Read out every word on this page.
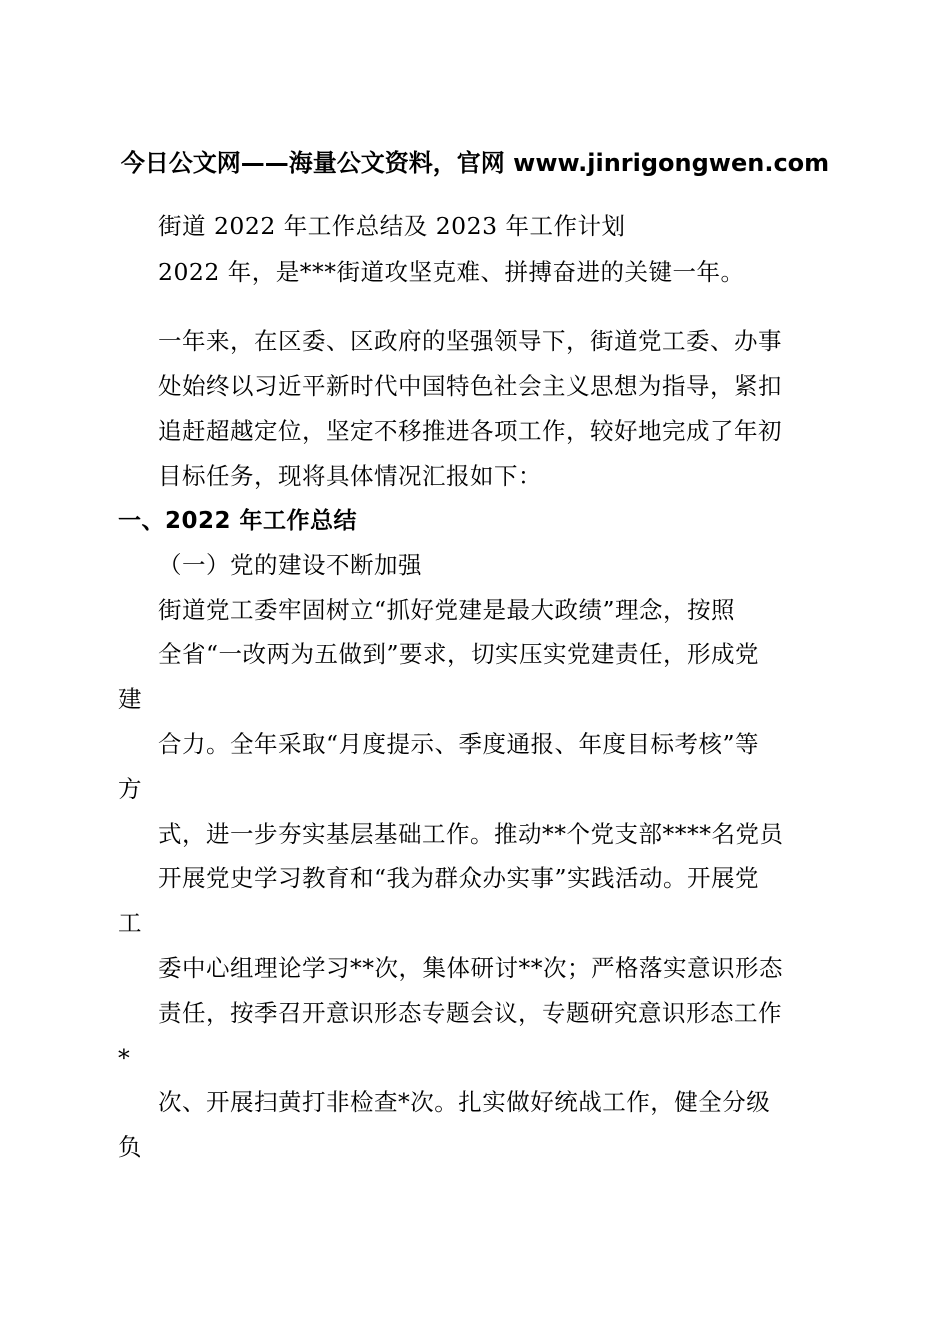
今日公文网——海量公文资料，官网 www.jinrigongwen.com
街道 2022 年工作总结及 2023 年工作计划
2022 年，是***街道攻坚克难、拼搏奋进的关键一年。
一年来，在区委、区政府的坚强领导下，街道党工委、办事
处始终以习近平新时代中国特色社会主义思想为指导，紧扣
追赶超越定位，坚定不移推进各项工作，较好地完成了年初
目标任务，现将具体情况汇报如下：
一、2022 年工作总结
（一）党的建设不断加强
街道党工委牢固树立“抓好党建是最大政绩”理念，按照
全省“一改两为五做到”要求，切实压实党建责任，形成党
建
合力。全年采取“月度提示、季度通报、年度目标考核”等
方
式，进一步夯实基层基础工作。推动**个党支部****名党员
开展党史学习教育和“我为群众办实事”实践活动。开展党
工
委中心组理论学习**次，集体研讨**次；严格落实意识形态
责任，按季召开意识形态专题会议，专题研究意识形态工作
*
次、开展扫黄打非检查*次。扎实做好统战工作，健全分级
负
